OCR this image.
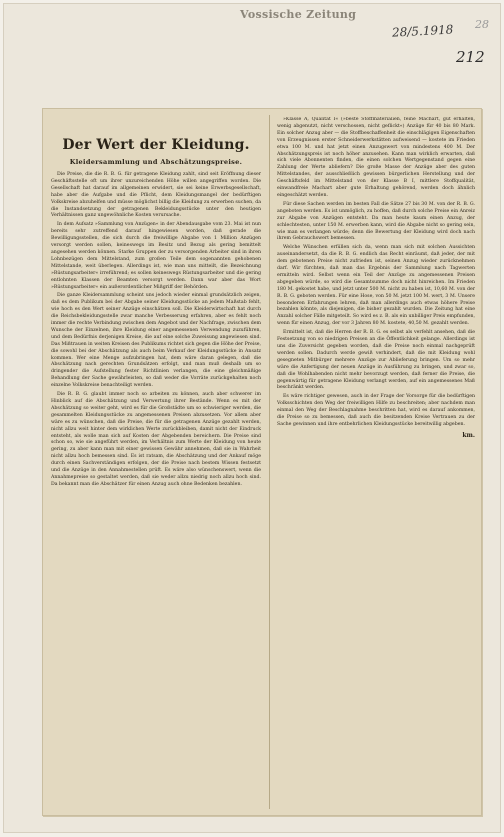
Vossische Zeitung
28/5.1918 28
212
Der Wert der Kleidung.
Kleidersammlung und Abschätzungspreise.

Die Preise, die die R. B. G. für getragene Kleidung zahlt, sind seit Eröffnung dieser Geschäftsstelle oft um ihrer unzureichenden Höhe willen angegriffen worden. Die Gesellschaft hat darauf im allgemeinen erwidert, sie sei keine Erwerbsgesellschaft, habe aber die Aufgabe und die Pflicht, dem Kleidungsmangel der bedürftigen Volkskreise abzuhelfen und müsse möglichst billig die Kleidung zu erwerben suchen, da die Instandsetzung der getragenen Bekleidungsstücke unter den heutigen Verhältnissen ganz ungewöhnliche Kosten verursache.

In dem Aufsatz »Sammlung von Anzügen« in der Abendausgabe vom 23. Mai ist nun bereits sehr zutreffend darauf hingewiesen worden, daß gerade die Bewilligungsstellen, die sich durch die freiwillige Abgabe von 1 Million Anzügen versorgt werden sollen, keineswegs im Besitz und Bezug als gering bemittelt angesehen werden können. Starke Gruppen der zu versorgenden Arbeiter sind in ihren Lohnbezügen dem Mittelstand, zum großen Teile dem sogenannten gehobenen Mittelstande, weit überlegen. Allerdings ist, wie man uns mitteilt, die Bezeichnung »Rüstungsarbeiter« irreführend; es sollen keineswegs Rüstungsarbeiter und die gering entlohnten Klassen der Beamten versorgt werden. Dann war aber das Wort »Rüstungsarbeiter« ein außerordentlicher Mißgriff der Behörden.

Die ganze Kleidersammlung scheint uns jedoch wieder einmal grundsätzlich zeigen, daß es dem Publikum bei der Abgabe seiner Kleidungsstücke an jedem Maßstab fehlt, wie hoch es den Wert seiner Anzüge einschätzen soll. Die Kleiderwirtschaft hat durch die Reichsbekleidungsstelle zwar manche Verbesserung erfahren, aber es fehlt noch immer die rechte Verbindung zwischen dem Angebot und der Nachfrage, zwischen dem Wunsche der Einzelnen, ihre Kleidung einer angemessenen Verwendung zuzuführen, und dem Bedürfnis derjenigen Kreise, die auf eine solche Zuweisung angewiesen sind. Das Mißtrauen in weiten Kreisen des Publikums richtet sich gegen die Höhe der Preise, die sowohl bei der Abschätzung als auch beim Verkauf der Kleidungsstücke in Ansatz kommen. Wer eine Menge aufzubringen hat, dem wäre daran gelegen, daß die Abschätzung nach gerechten Grundsätzen erfolgt, und man muß deshalb um so dringender die Aufstellung fester Richtlinien verlangen, die eine gleichmäßige Behandlung der Sache gewährleisten, so daß weder die Vorräte zurückgehalten noch einzelne Volkskreise benachteiligt werden.

Die R. B. G. glaubt immer noch so arbeiten zu können, auch aber schwerer im Hinblick auf die Abschätzung und Verwertung ihrer Bestände. Wenn es mit der Abschätzung so weiter geht, wird es für die Großstädte um so schwieriger werden, die gesammelten Kleidungsstücke zu angemessenen Preisen abzusetzen. Vor allem aber wäre es zu wünschen, daß die Preise, die für die getragenen Anzüge gezahlt werden, nicht allzu weit hinter dem wirklichen Werte zurückbleiben, damit nicht der Eindruck entsteht, als wolle man sich auf Kosten der Abgebenden bereichern. Die Preise sind schon so, wie sie angeführt werden, im Verhältnis zum Werte der Kleidung von heute gering, zu aber kann man mit einer gewissen Gewähr annehmen, daß sie in Wahrheit nicht allzu hoch bemessen sind. Es ist ratsam, die Abschätzung und der Ankauf möge durch einen Sachverständigen erfolgen, der die Preise nach bestem Wissen festsetzt und die Anzüge in den Annahmestellen prüft. Es wäre also wünschenswert, wenn die Annahmepreise so gestaltet werden, daß sie weder allzu niedrig noch allzu hoch sind. Da bekannt man die Abschätzer für einen Anzug auch ohne Bedenken bezahlen.

»Klasse A, Qualität I« (»beste Stoffmaterialien, feine Machart, gut erhalten, wenig abgenutzt, nicht verschossen, nicht geflickt«) Anzüge für 40 bis 80 Mark. Ein solcher Anzug aber — die Stoffbeschaffenheit die einschlägigen Eigenschaften von Erzeugnissen erster Schneiderwerkstätten aufweisend — kostete im Frieden etwa 100 M. und hat jetzt einen Anzugswert von mindestens 400 M. Der Abschätzungspreis ist noch höher anzusehen. Kann man wirklich erwarten, daß sich viele Abonnenten finden, die einen solchen Wertgegenstand gegen eine Zahlung der Werte abliefern? Die große Masse der Anzüge aber des guten Mittelstandes, der ausschließlich gewissen bürgerlichen Herstellung und der Geschäftsfeld im Mittelstand von der Klasse B I, mittlere Stoffqualität, einwandfreie Machart aber gute Erhaltung gehörend, werden doch ähnlich eingeschätzt werden.

Für diese Sachen werden im besten Fall die Sätze 27 bis 30 M. von der R. B. G. angeboten werden. Es ist unmöglich, zu hoffen, daß durch solche Preise ein Anreiz zur Abgabe von Anzügen entsteht. Da man heute kaum einen Anzug, der schlechtesten, unter 150 M. erwerben kann, wird die Abgabe nicht so gering sein, wie man es verlangen würde; denn die Bewertung der Kleidung wird doch nach ihrem Gebrauchswert bemessen.

Welche Wünschen erfüllen sich da, wenn man sich mit solchen Aussichten auseinandersetzt, da die R. B. G. endlich das Recht einräumt, daß jeder, der mit dem gebotenen Preise nicht zufrieden ist, seinen Anzug wieder zurücknehmen darf. Wir fürchten, daß man das Ergebnis der Sammlung nach Tagwerten ermitteln wird. Selbst wenn ein Teil der Anzüge zu angemessenen Preisen abgegeben würde, so wird die Gesamtsumme doch nicht hinreichen. Im Frieden 180 M. gekostet habe, und jetzt unter 500 M. nicht zu haben ist, 10,60 M. von der R. B. G. geboten werden. Für eine Hose, von 50 M. jetzt 100 M. wert, 3 M. Unsere besonderen Erfahrungen lehren, daß man allerdings auch etwas höhere Preise bezahlen könnte, als diejenigen, die bisher gezahlt wurden. Die Zeitung hat eine Anzahl solcher Fälle mitgeteilt. So wird es z. B. als ein unbilliger Preis empfunden, wenn für einen Anzug, der vor 3 Jahren 80 M. kostete, 40,50 M. gezahlt werden.

Ermittelt ist, daß die Herren der R. B. G. es selbst als verfehlt ansehen, daß die Festsetzung von so niedrigen Preisen an die Öffentlichkeit gelange. Allerdings ist uns die Zuversicht gegeben worden, daß die Preise noch einmal nachgeprüft werden sollen. Dadurch werde gewiß verhindert, daß die mit Kleidung wohl gesegneten Mitbürger mehrere Anzüge zur Ablieferung bringen. Um so mehr wäre die Anfertigung der neuen Anzüge in Ausführung zu bringen, und zwar so, daß die Wohlhabenden nicht mehr bevorzugt werden, daß ferner die Preise, die gegenwärtig für getragene Kleidung verlangt werden, auf ein angemessenes Maß beschränkt werden.

Es wäre richtiger gewesen, auch in der Frage der Vorsorge für die bedürftigen Volksschichten den Weg der freiwilligen Hilfe zu beschreiten; aber nachdem man einmal den Weg der Beschlagnahme beschritten hat, wird es darauf ankommen, die Preise so zu bemessen, daß auch die besitzenden Kreise Vertrauen zu der Sache gewinnen und ihre entbehrlichen Kleidungsstücke bereitwillig abgeben.

km.
